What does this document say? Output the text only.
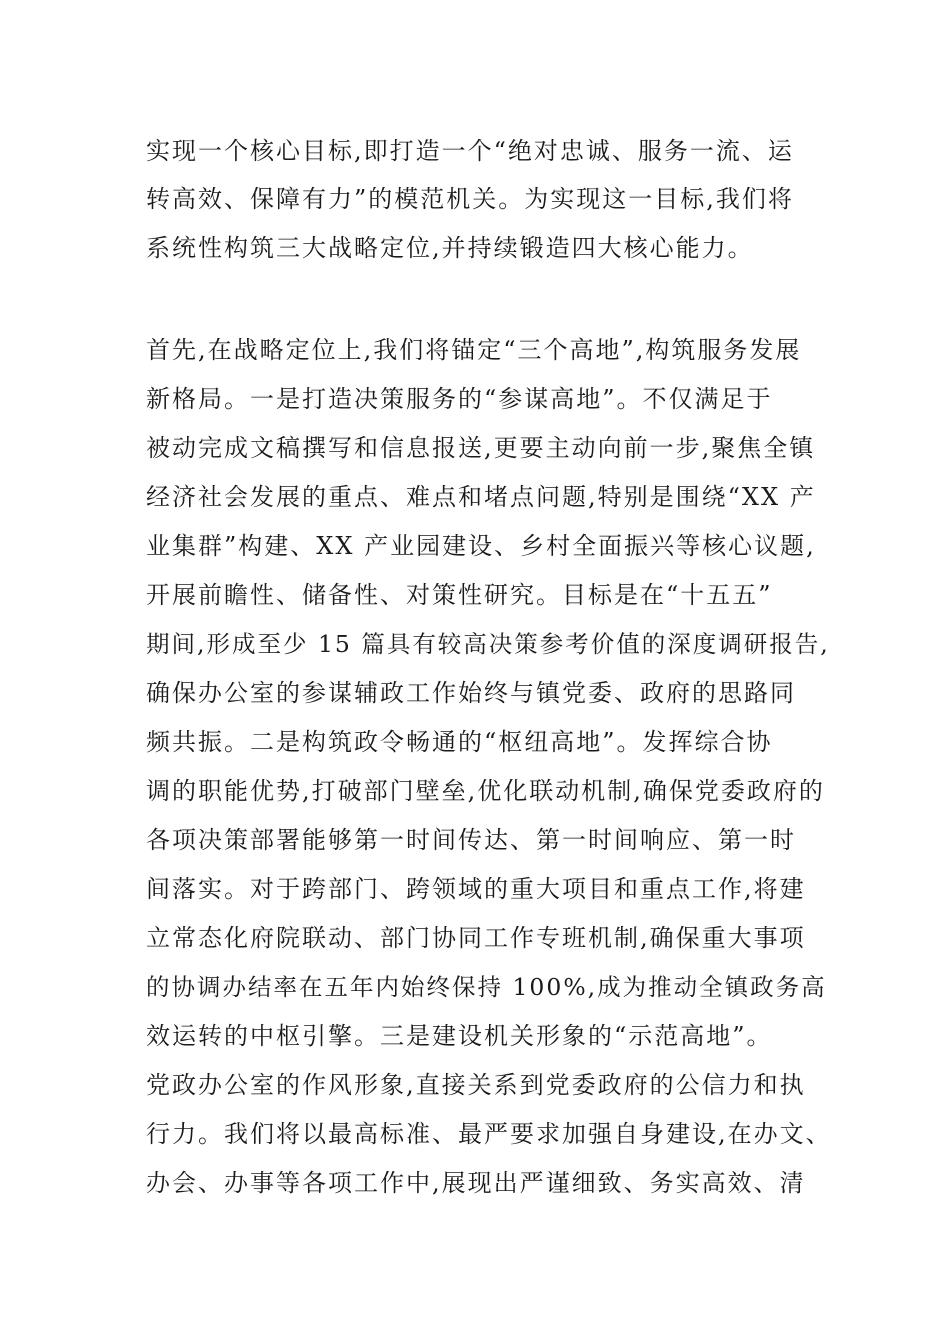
实现一个核心目标,即打造一个“绝对忠诚、服务一流、运
转高效、保障有力”的模范机关。为实现这一目标,我们将
系统性构筑三大战略定位,并持续锻造四大核心能力。
首先,在战略定位上,我们将锚定“三个高地”,构筑服务发展
新格局。一是打造决策服务的“参谋高地”。不仅满足于
被动完成文稿撰写和信息报送,更要主动向前一步,聚焦全镇
经济社会发展的重点、难点和堵点问题,特别是围绕“XX 产
业集群”构建、XX 产业园建设、乡村全面振兴等核心议题,
开展前瞻性、储备性、对策性研究。目标是在“十五五”
期间,形成至少 15 篇具有较高决策参考价值的深度调研报告,
确保办公室的参谋辅政工作始终与镇党委、政府的思路同
频共振。二是构筑政令畅通的“枢纽高地”。发挥综合协
调的职能优势,打破部门壁垒,优化联动机制,确保党委政府的
各项决策部署能够第一时间传达、第一时间响应、第一时
间落实。对于跨部门、跨领域的重大项目和重点工作,将建
立常态化府院联动、部门协同工作专班机制,确保重大事项
的协调办结率在五年内始终保持 100%,成为推动全镇政务高
效运转的中枢引擎。三是建设机关形象的“示范高地”。
党政办公室的作风形象,直接关系到党委政府的公信力和执
行力。我们将以最高标准、最严要求加强自身建设,在办文、
办会、办事等各项工作中,展现出严谨细致、务实高效、清
